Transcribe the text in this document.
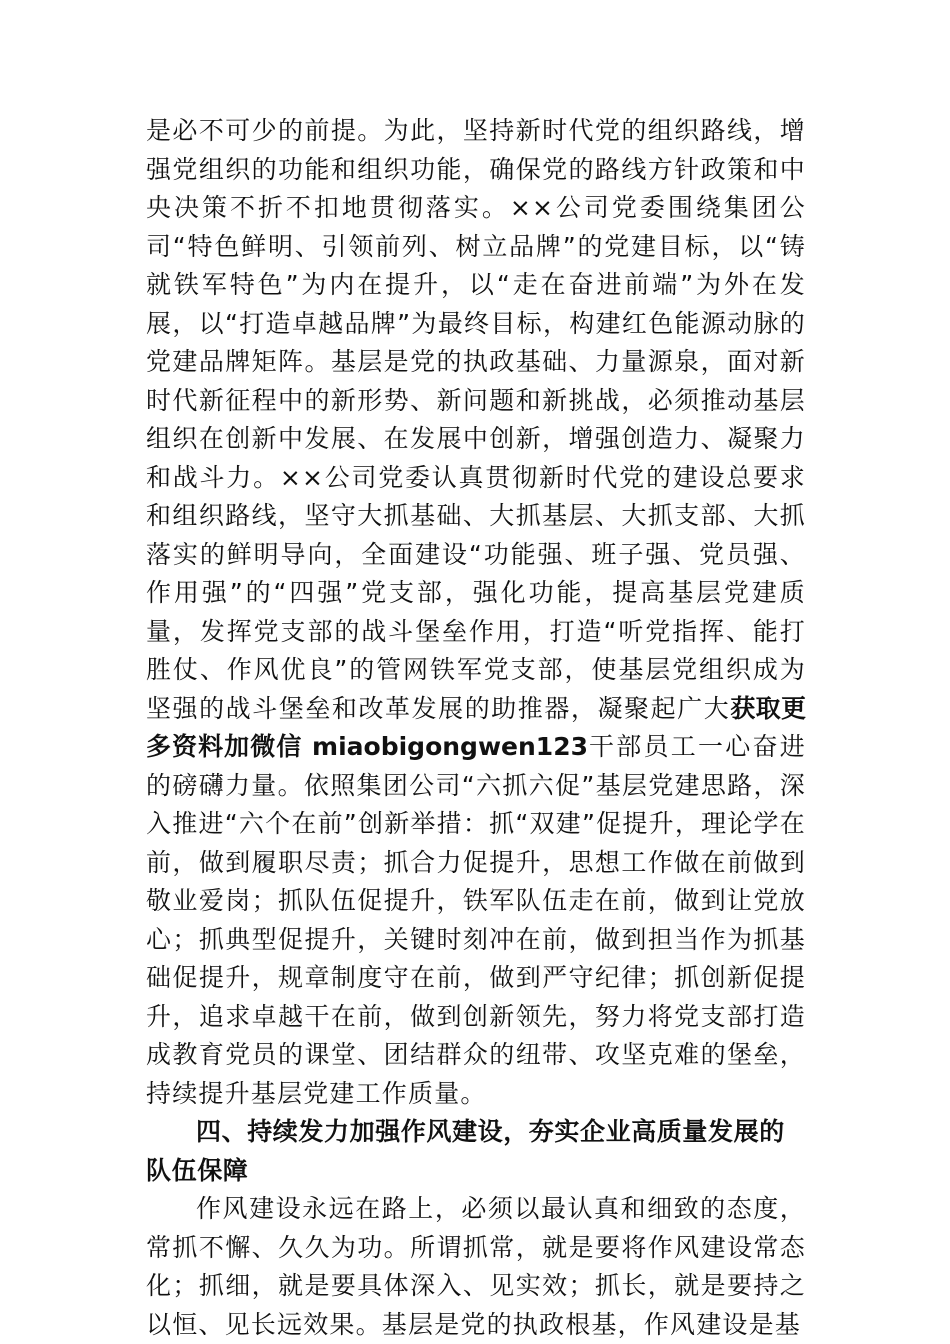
是必不可少的前提。为此，坚持新时代党的组织路线，增强党组织的功能和组织功能，确保党的路线方针政策和中央决策不折不扣地贯彻落实。××公司党委围绕集团公司“特色鲜明、引领前列、树立品牌”的党建目标，以“铸就铁军特色”为内在提升，以“走在奋进前端”为外在发展，以“打造卓越品牌”为最终目标，构建红色能源动脉的党建品牌矩阵。基层是党的执政基础、力量源泉，面对新时代新征程中的新形势、新问题和新挑战，必须推动基层组织在创新中发展、在发展中创新，增强创造力、凝聚力和战斗力。××公司党委认真贯彻新时代党的建设总要求和组织路线，坚守大抓基础、大抓基层、大抓支部、大抓落实的鲜明导向，全面建设“功能强、班子强、党员强、作用强”的“四强”党支部，强化功能，提高基层党建质量，发挥党支部的战斗堡垒作用，打造“听党指挥、能打胜仗、作风优良”的管网铁军党支部，使基层党组织成为坚强的战斗堡垒和改革发展的助推器，凝聚起广大获取更多资料加微信 miaobigongwen123干部员工一心奋进的磅礴力量。依照集团公司“六抓六促”基层党建思路，深入推进“六个在前”创新举措：抓“双建”促提升，理论学在前，做到履职尽责；抓合力促提升，思想工作做在前做到敬业爱岗；抓队伍促提升，铁军队伍走在前，做到让党放心；抓典型促提升，关键时刻冲在前，做到担当作为抓基础促提升，规章制度守在前，做到严守纪律；抓创新促提升，追求卓越干在前，做到创新领先，努力将党支部打造成教育党员的课堂、团结群众的纽带、攻坚克难的堡垒，持续提升基层党建工作质量。

四、持续发力加强作风建设，夯实企业高质量发展的队伍保障

作风建设永远在路上，必须以最认真和细致的态度，常抓不懈、久久为功。所谓抓常，就是要将作风建设常态化；抓细，就是要具体深入、见实效；抓长，就是要持之以恒、见长远效果。基层是党的执政根基，作风建设是基
